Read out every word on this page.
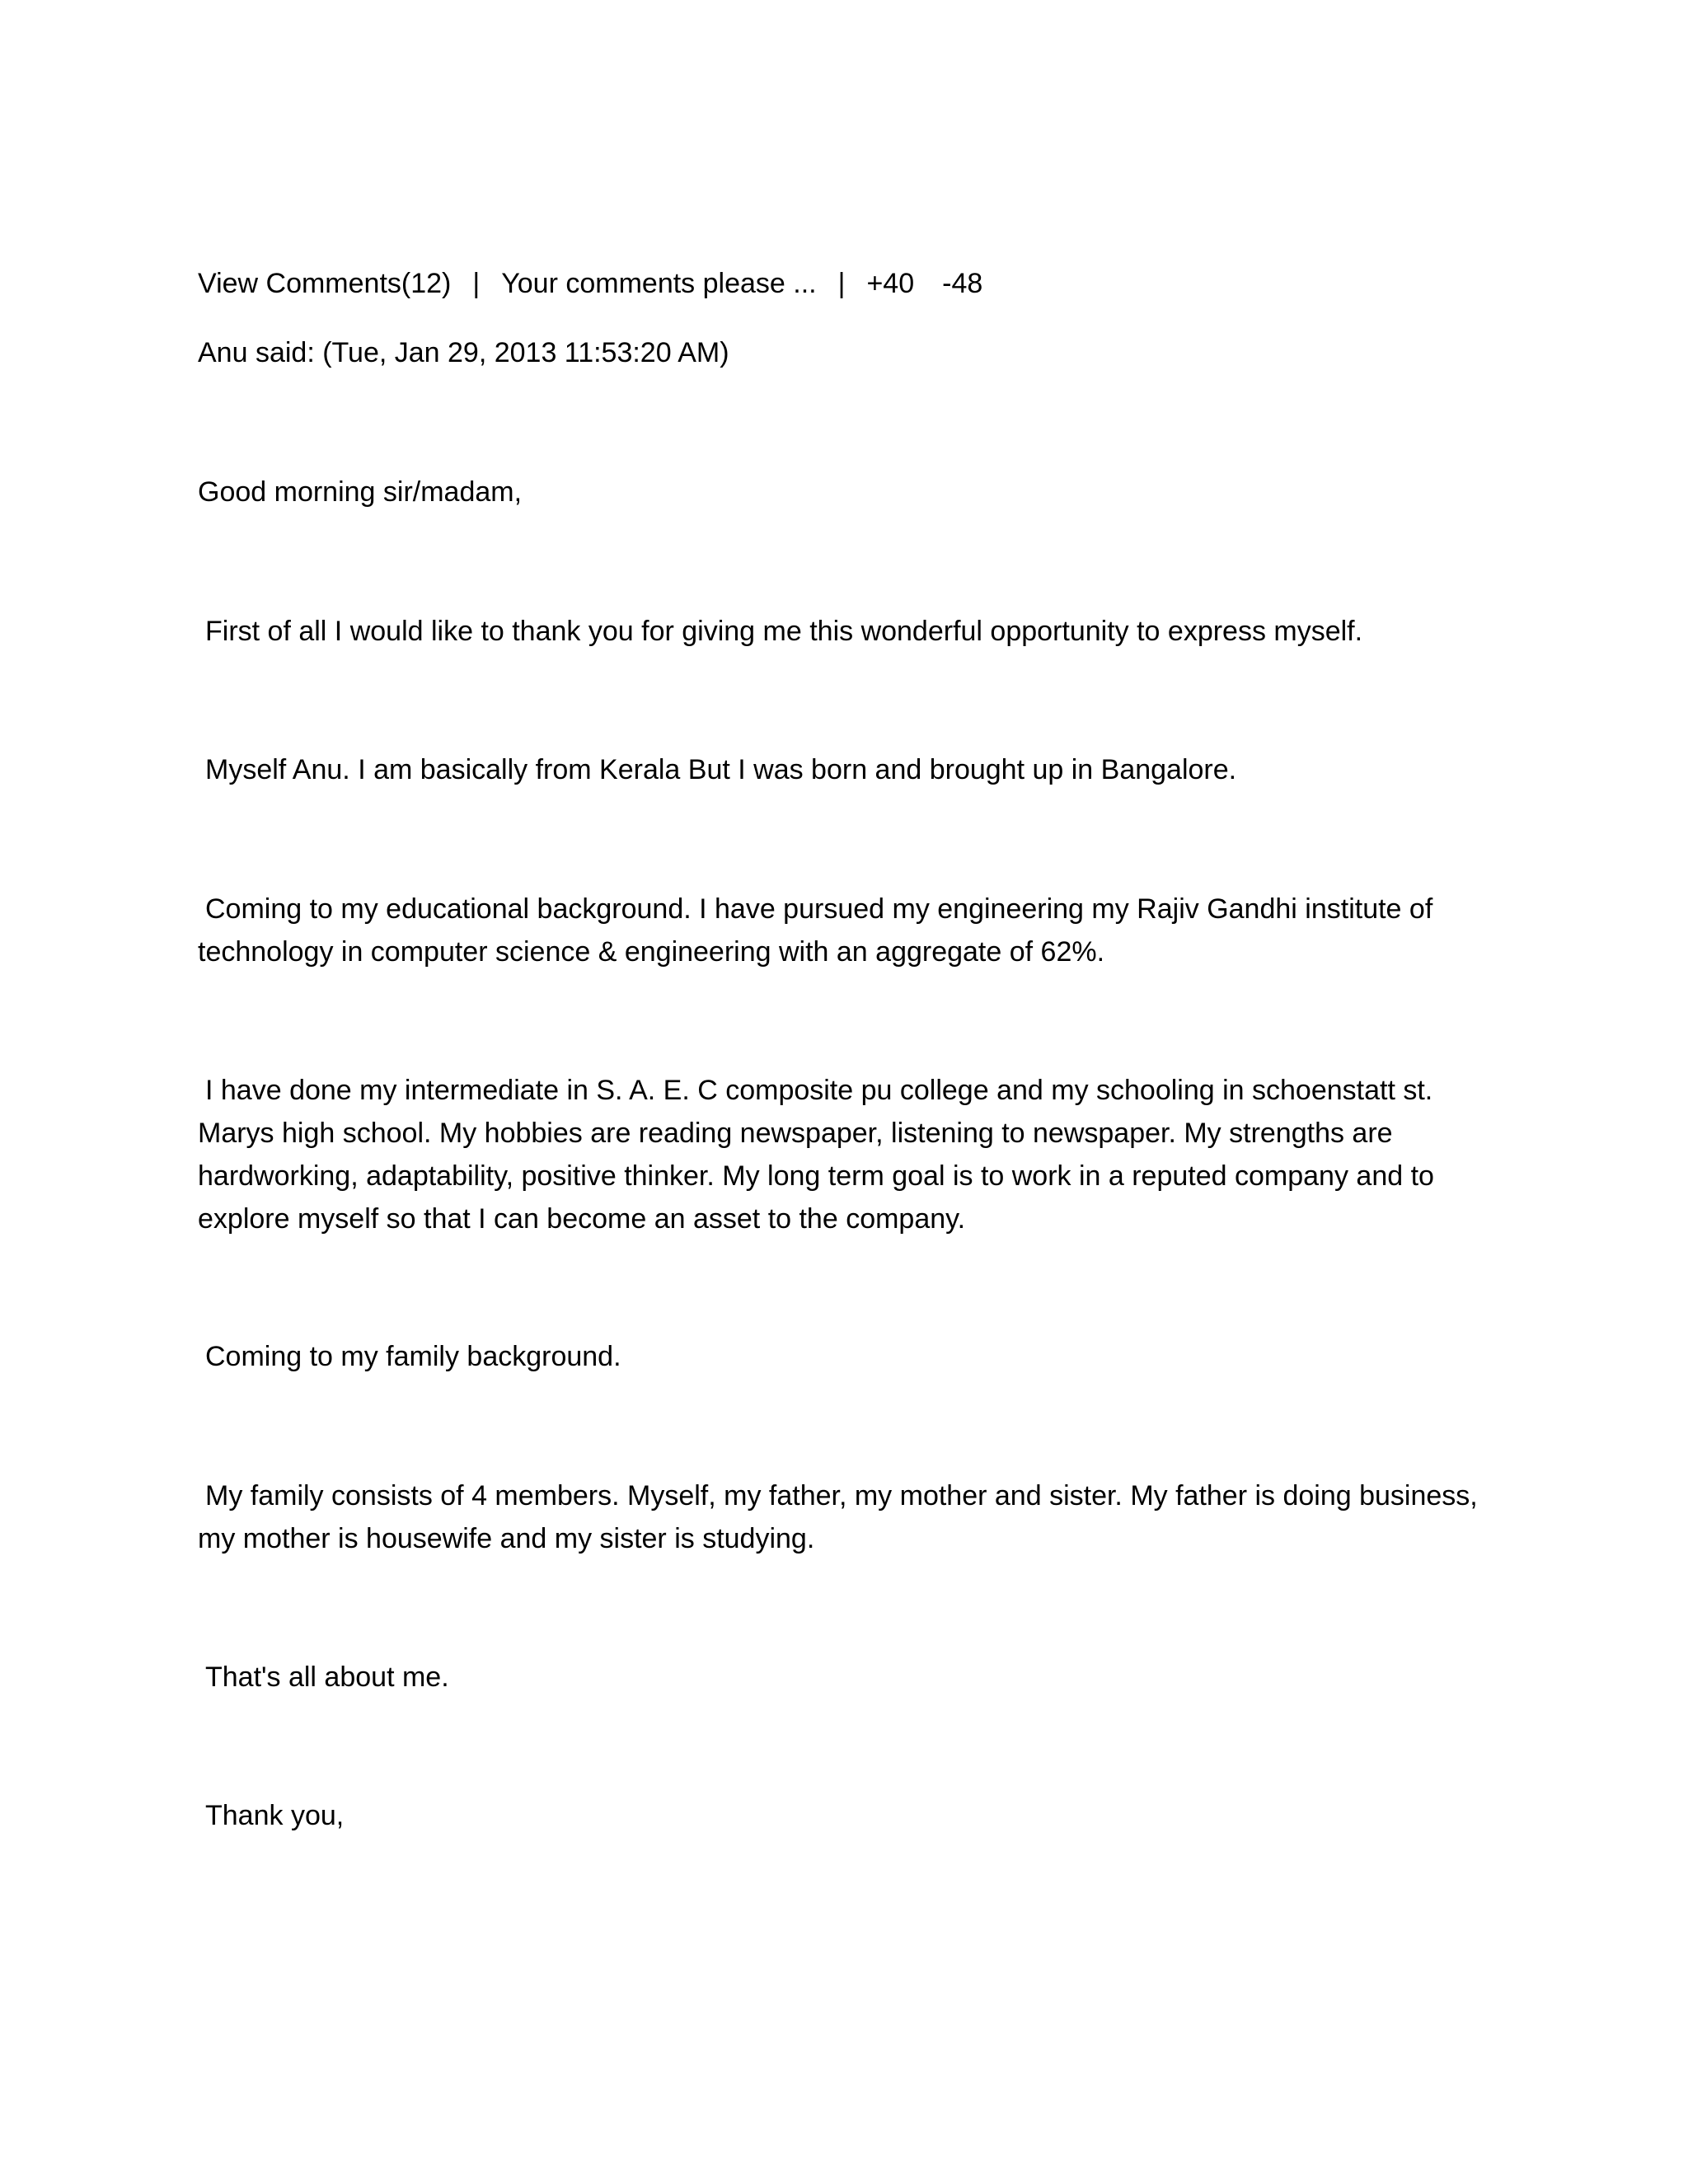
View Comments(12) | Your comments please ... | +40 -48
Anu said: (Tue, Jan 29, 2013 11:53:20 AM)
Good morning sir/madam,
First of all I would like to thank you for giving me this wonderful opportunity to express myself.
Myself Anu. I am basically from Kerala But I was born and brought up in Bangalore.
Coming to my educational background. I have pursued my engineering my Rajiv Gandhi institute of technology in computer science & engineering with an aggregate of 62%.
I have done my intermediate in S. A. E. C composite pu college and my schooling in schoenstatt st. Marys high school. My hobbies are reading newspaper, listening to newspaper. My strengths are hardworking, adaptability, positive thinker. My long term goal is to work in a reputed company and to explore myself so that I can become an asset to the company.
Coming to my family background.
My family consists of 4 members. Myself, my father, my mother and sister. My father is doing business, my mother is housewife and my sister is studying.
That's all about me.
Thank you,
